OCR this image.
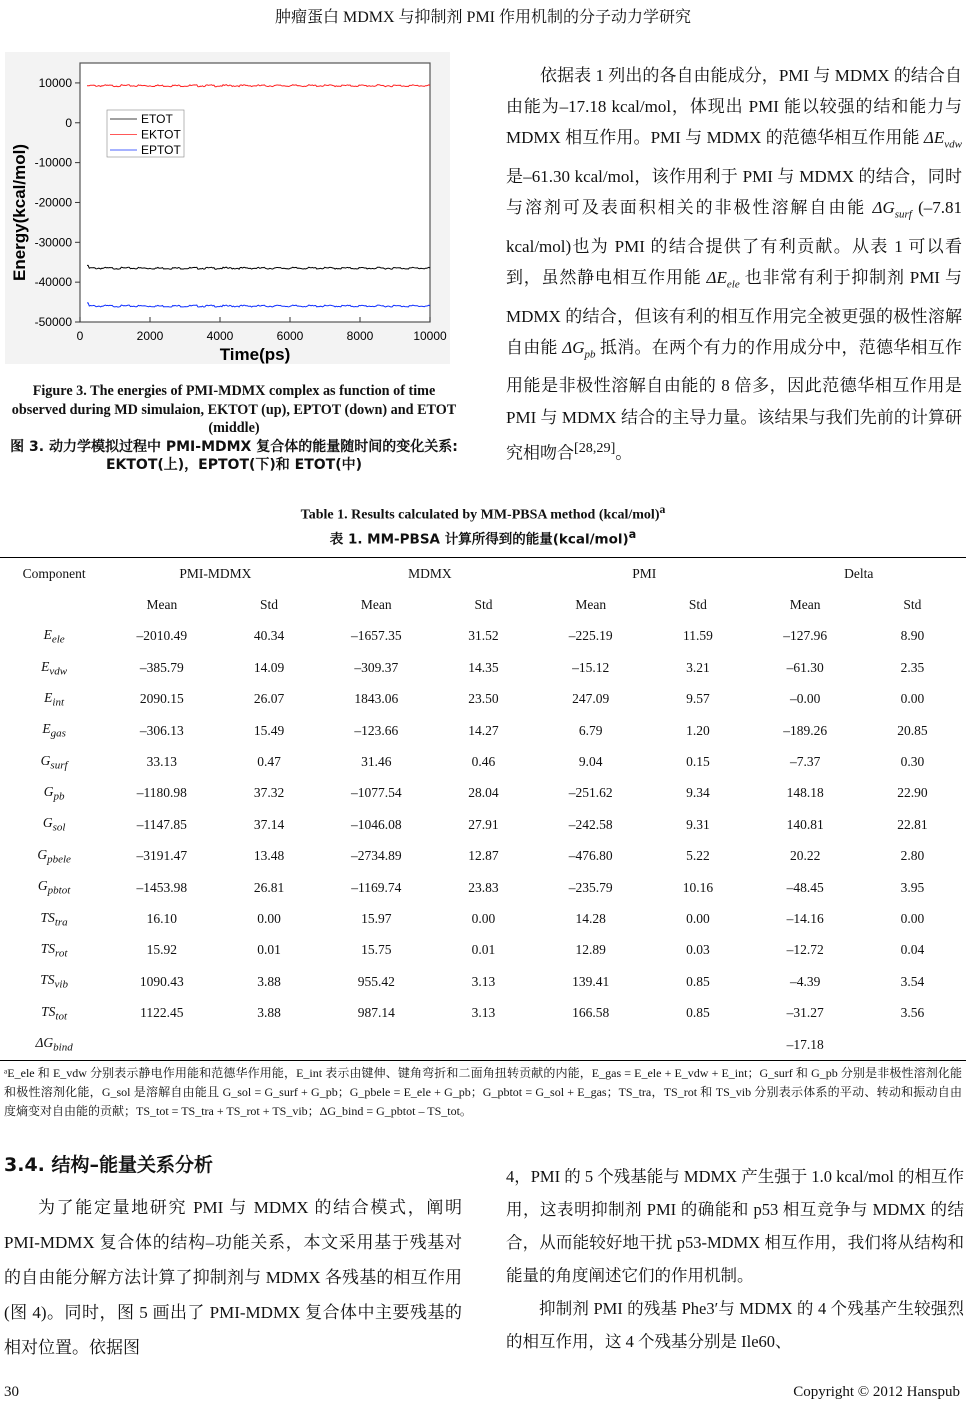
肿瘤蛋白 MDMX 与抑制剂 PMI 作用机制的分子动力学研究
0	2000	4000	6000	8000	10000
10000
0
-10000
-20000
-30000
-40000
-50000
ETOT
EKTOT
EPTOT
Time(ps)
Energy(kcal/mol)
Figure 3. The energies of PMI-MDMX complex as function of time observed during MD simulaion, EKTOT (up), EPTOT (down) and ETOT (middle)
图 3. 动力学模拟过程中 PMI-MDMX 复合体的能量随时间的变化关系: EKTOT(上)，EPTOT(下)和 ETOT(中)
依据表 1 列出的各自由能成分，PMI 与 MDMX 的结合自由能为–17.18 kcal/mol，体现出 PMI 能以较强的结和能力与 MDMX 相互作用。PMI 与 MDMX 的范德华相互作用能 $\Delta E_{vdw}$ 是–61.30 kcal/mol，该作用利于 PMI 与 MDMX 的结合，同时与溶剂可及表面积相关的非极性溶解自由能 $\Delta G_{surf}$ (–7.81 kcal/mol)也为 PMI 的结合提供了有利贡献。从表 1 可以看到，虽然静电相互作用能 $\Delta E_{ele}$ 也非常有利于抑制剂 PMI 与 MDMX 的结合，但该有利的相互作用完全被更强的极性溶解自由能 $\Delta G_{pb}$ 抵消。在两个有力的作用成分中，范德华相互作用能是非极性溶解自由能的 8 倍多，因此范德华相互作用是 PMI 与 MDMX 结合的主导力量。该结果与我们先前的计算研究相吻合[28,29]。
Table 1. Results calculated by MM-PBSA method (kcal/mol)$^a$
表 1. MM-PBSA 计算所得到的能量(kcal/mol)$^a$
Component	PMI-MDMX		MDMX		PMI		Delta	
	Mean	Std	Mean	Std	Mean	Std	Mean	Std
$E_{ele}$	–2010.49	40.34	–1657.35	31.52	–225.19	11.59	–127.96	8.90
$E_{vdw}$	–385.79	14.09	–309.37	14.35	–15.12	3.21	–61.30	2.35
$E_{int}$	2090.15	26.07	1843.06	23.50	247.09	9.57	–0.00	0.00
$E_{gas}$	–306.13	15.49	–123.66	14.27	6.79	1.20	–189.26	20.85
$G_{surf}$	33.13	0.47	31.46	0.46	9.04	0.15	–7.37	0.30
$G_{pb}$	–1180.98	37.32	–1077.54	28.04	–251.62	9.34	148.18	22.90
$G_{sol}$	–1147.85	37.14	–1046.08	27.91	–242.58	9.31	140.81	22.81
$G_{pbele}$	–3191.47	13.48	–2734.89	12.87	–476.80	5.22	20.22	2.80
$G_{pbtot}$	–1453.98	26.81	–1169.74	23.83	–235.79	10.16	–48.45	3.95
$TS_{tra}$	16.10	0.00	15.97	0.00	14.28	0.00	–14.16	0.00
$TS_{rot}$	15.92	0.01	15.75	0.01	12.89	0.03	–12.72	0.04
$TS_{vib}$	1090.43	3.88	955.42	3.13	139.41	0.85	–4.39	3.54
$TS_{tot}$	1122.45	3.88	987.14	3.13	166.58	0.85	–31.27	3.56
$\Delta G_{bind}$							–17.18	
ᵃE_ele 和 E_vdw 分别表示静电作用能和范德华作用能，E_int 表示由键伸、键角弯折和二面角扭转贡献的内能，E_gas = E_ele + E_vdw + E_int；G_surf 和 G_pb 分别是非极性溶剂化能和极性溶剂化能，G_sol 是溶解自由能且 G_sol = G_surf + G_pb；G_pbele = E_ele + G_pb；G_pbtot = G_sol + E_gas；TS_tra，TS_rot 和 TS_vib 分别表示体系的平动、转动和振动自由度熵变对自由能的贡献；TS_tot = TS_tra + TS_rot + TS_vib；ΔG_bind = G_pbtot – TS_tot。
3.4. 结构–能量关系分析
为了能定量地研究 PMI 与 MDMX 的结合模式，阐明 PMI-MDMX 复合体的结构–功能关系，本文采用基于残基对的自由能分解方法计算了抑制剂与 MDMX 各残基的相互作用(图 4)。同时，图 5 画出了 PMI-MDMX 复合体中主要残基的相对位置。依据图
4，PMI 的 5 个残基能与 MDMX 产生强于 1.0 kcal/mol 的相互作用，这表明抑制剂 PMI 的确能和 p53 相互竞争与 MDMX 的结合，从而能较好地干扰 p53-MDMX 相互作用，我们将从结构和能量的角度阐述它们的作用机制。
抑制剂 PMI 的残基 Phe3′与 MDMX 的 4 个残基产生较强烈的相互作用，这 4 个残基分别是 Ile60、
30	Copyright © 2012 Hanspub
